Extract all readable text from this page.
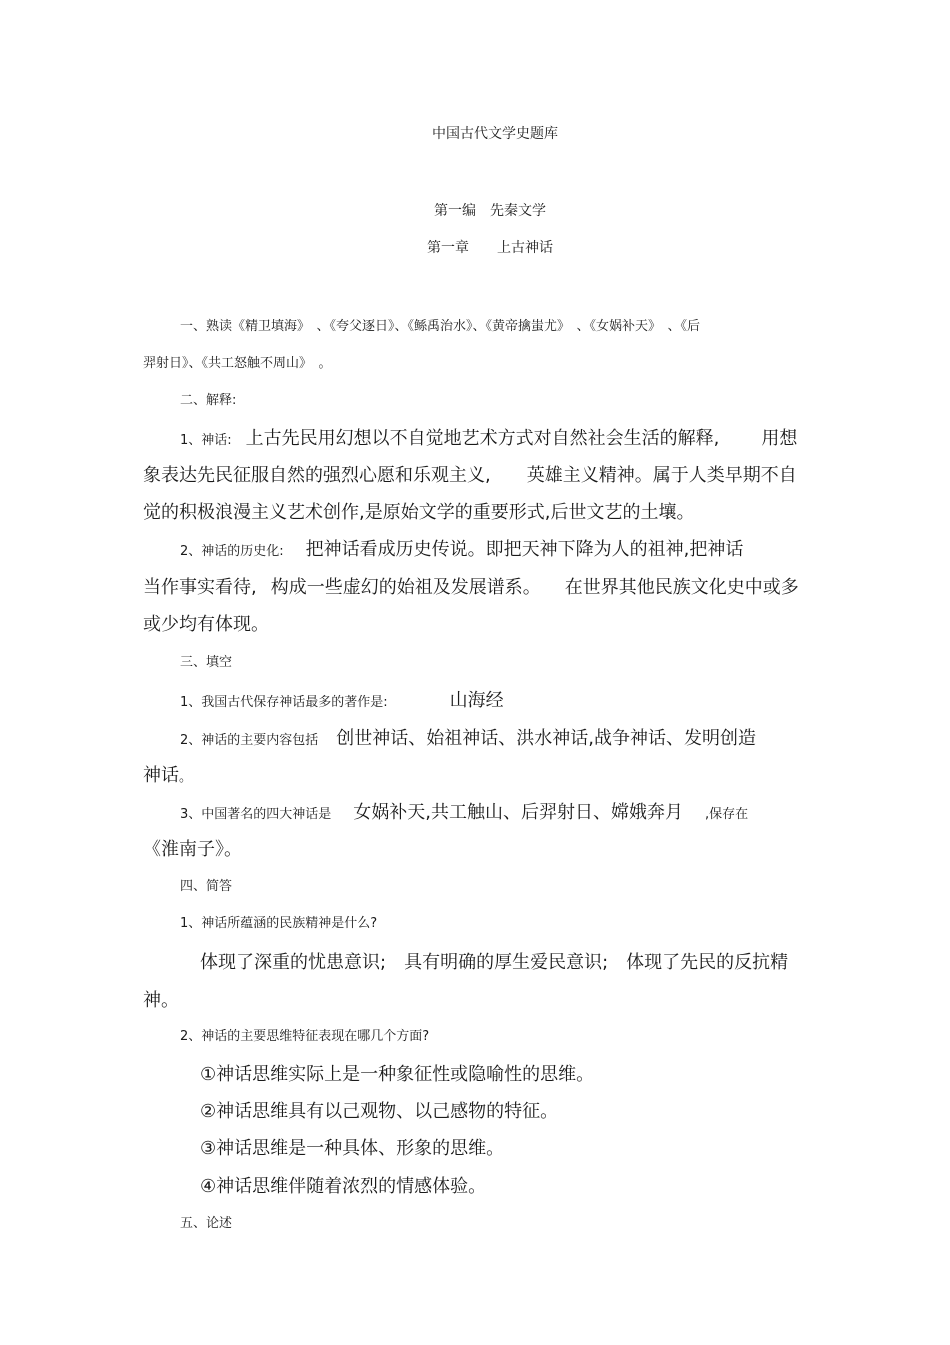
中国古代文学史题库
第一编　先秦文学
第一章　　上古神话
一、熟读《精卫填海》　、《夸父逐日》、《鲧禹治水》、《黄帝擒蚩尤》　、《女娲补天》　、《后
羿射日》、《共工怒触不周山》　。
二、解释:
1、神话: 上古先民用幻想以不自觉地艺术方式对自然社会生活的解释, 用想
象表达先民征服自然的强烈心愿和乐观主义, 英雄主义精神。属于人类早期不自
觉的积极浪漫主义艺术创作,是原始文学的重要形式,后世文艺的土壤。
2、神话的历史化: 把神话看成历史传说。即把天神下降为人的祖神,把神话
当作事实看待, 构成一些虚幻的始祖及发展谱系。 在世界其他民族文化史中或多
或少均有体现。
三、填空
1、我国古代保存神话最多的著作是:	山海经
2、神话的主要内容包括 创世神话、始祖神话、洪水神话,战争神话、发明创造
神话。
3、中国著名的四大神话是 女娲补天,共工触山、后羿射日、嫦娥奔月 ,保存在
《淮南子》。
四、简答
1、神话所蕴涵的民族精神是什么?
体现了深重的忧患意识; 具有明确的厚生爱民意识; 体现了先民的反抗精
神。
2、神话的主要思维特征表现在哪几个方面?
①神话思维实际上是一种象征性或隐喻性的思维。
②神话思维具有以己观物、以己感物的特征。
③神话思维是一种具体、形象的思维。
④神话思维伴随着浓烈的情感体验。
五、论述
